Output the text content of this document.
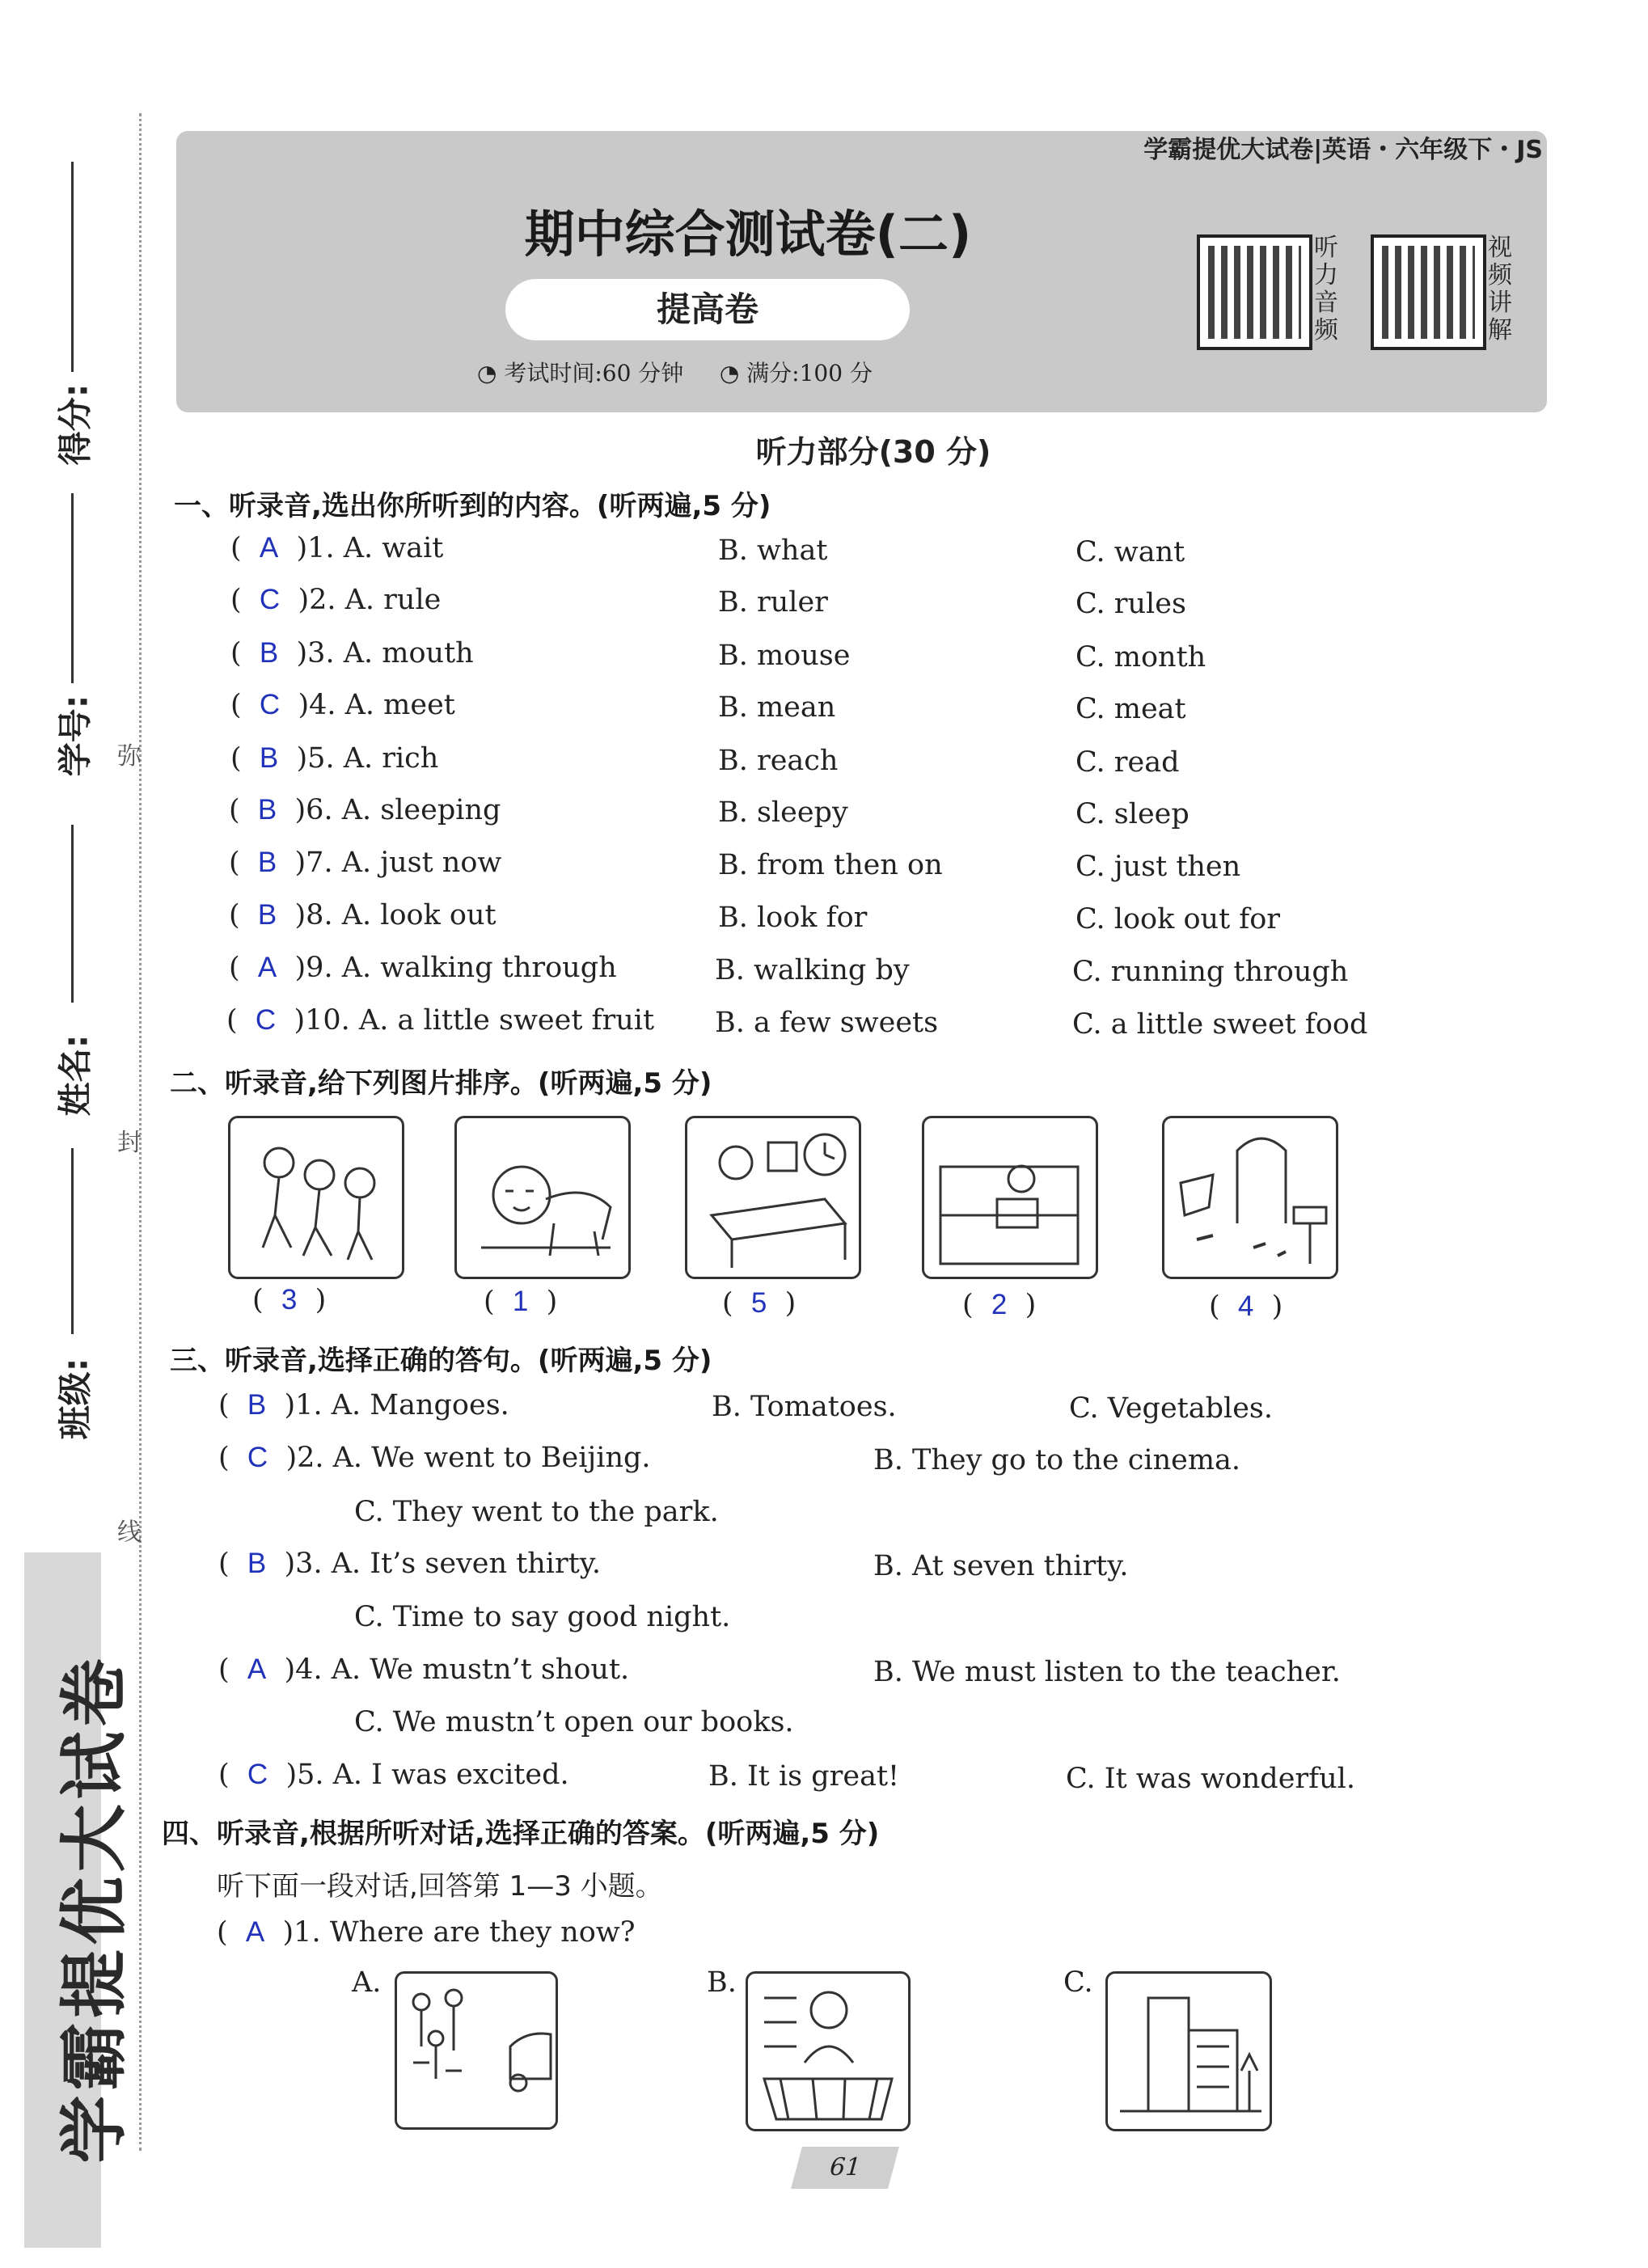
得分:
学号:
姓名:
班级:
弥
封
线
学霸提优大试卷
学霸提优大试卷|英语・六年级下・JS
期中综合测试卷(二)
提高卷
◔ 考试时间:60 分钟 ◔ 满分:100 分
听力音频
视频讲解
听力部分(30 分)
一、听录音,选出你所听到的内容。(听两遍,5 分)
(  A )1. A. wait	B. what	C. want
(  C )2. A. rule	B. ruler	C. rules
(  B )3. A. mouth	B. mouse	C. month
(  C )4. A. meet	B. mean	C. meat
(  B )5. A. rich	B. reach	C. read
(  B )6. A. sleeping	B. sleepy	C. sleep
(  B )7. A. just now	B. from then on	C. just then
(  B )8. A. look out	B. look for	C. look out for
(  A )9. A. walking through	B. walking by	C. running through
(  C )10. A. a little sweet fruit B. a few sweets	C. a little sweet food
二、听录音,给下列图片排序。(听两遍,5 分)
(  3  )	(  1  )	(  5  )	(  2  )	(  4  )
三、听录音,选择正确的答句。(听两遍,5 分)
(  B )1. A. Mangoes.	B. Tomatoes.	C. Vegetables.
(  C )2. A. We went to Beijing.	B. They go to the cinema.
C. They went to the park.
(  B )3. A. It’s seven thirty.	B. At seven thirty.
C. Time to say good night.
(  A )4. A. We mustn’t shout.	B. We must listen to the teacher.
C. We mustn’t open our books.
(  C )5. A. I was excited.	B. It is great!	C. It was wonderful.
四、听录音,根据所听对话,选择正确的答案。(听两遍,5 分)
听下面一段对话,回答第 1—3 小题。
(  A )1. Where are they now?
A.	B.	C.
61
